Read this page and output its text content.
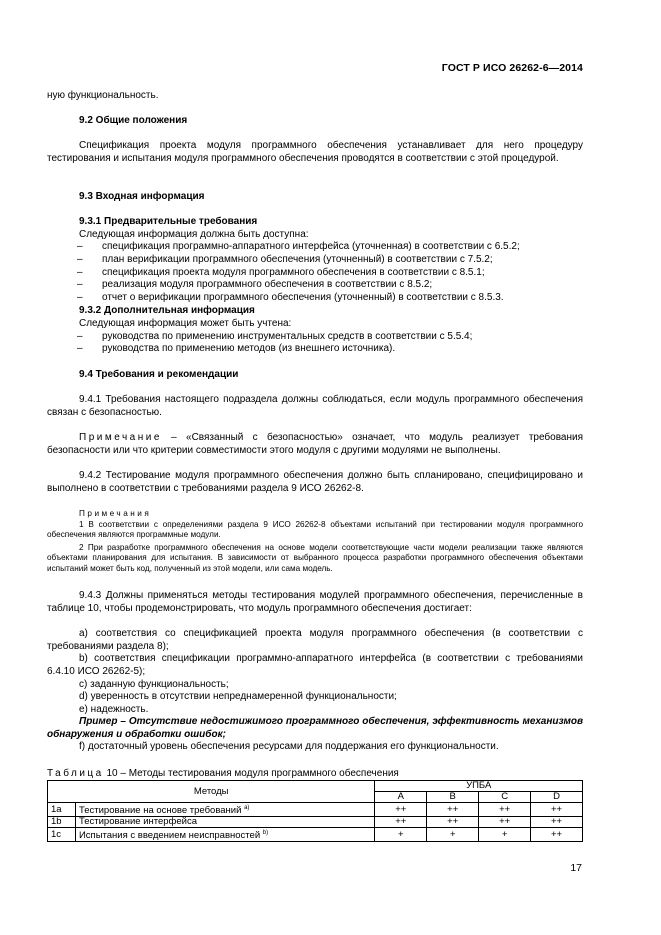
ГОСТ Р ИСО 26262-6—2014
ную функциональность.
9.2 Общие положения
Спецификация проекта модуля программного обеспечения устанавливает для него процедуру тестирования и испытания модуля программного обеспечения проводятся в соответствии с этой процедурой.
9.3 Входная информация
9.3.1 Предварительные требования
Следующая информация должна быть доступна:
– спецификация программно-аппаратного интерфейса (уточненная) в соответствии с 6.5.2;
– план верификации программного обеспечения (уточненный) в соответствии с 7.5.2;
– спецификация проекта модуля программного обеспечения в соответствии с 8.5.1;
– реализация модуля программного обеспечения в соответствии с 8.5.2;
– отчет о верификации программного обеспечения (уточненный) в соответствии с 8.5.3.
9.3.2 Дополнительная информация
Следующая информация может быть учтена:
– руководства по применению инструментальных средств в соответствии с 5.5.4;
– руководства по применению методов (из внешнего источника).
9.4 Требования и рекомендации
9.4.1 Требования настоящего подраздела должны соблюдаться, если модуль программного обеспечения связан с безопасностью.
Примечание – «Связанный с безопасностью» означает, что модуль реализует требования безопасности или что критерии совместимости этого модуля с другими модулями не выполнены.
9.4.2 Тестирование модуля программного обеспечения должно быть спланировано, специфицировано и выполнено в соответствии с требованиями раздела 9 ИСО 26262-8.
Примечания
1 В соответствии с определениями раздела 9 ИСО 26262-8 объектами испытаний при тестировании модуля программного обеспечения являются программные модули.
2 При разработке программного обеспечения на основе модели соответствующие части модели реализации также являются объектами планирования для испытания. В зависимости от выбранного процесса разработки программного обеспечения объектами испытаний может быть код, полученный из этой модели, или сама модель.
9.4.3 Должны применяться методы тестирования модулей программного обеспечения, перечисленные в таблице 10, чтобы продемонстрировать, что модуль программного обеспечения достигает:
a) соответствия со спецификацией проекта модуля программного обеспечения (в соответствии с требованиями раздела 8);
b) соответствия спецификации программно-аппаратного интерфейса (в соответствии с требованиями 6.4.10 ИСО 26262-5);
c) заданную функциональность;
d) уверенность в отсутствии непреднамеренной функциональности;
e) надежность.
Пример – Отсутствие недостижимого программного обеспечения, эффективность механизмов обнаружения и обработки ошибок;
f) достаточный уровень обеспечения ресурсами для поддержания его функциональности.
Таблица 10 – Методы тестирования модуля программного обеспечения
Методы		УПБА			
		A	B	C	D
1a	Тестирование на основе требований $^{a)}$	++	++	++	++
1b	Тестирование интерфейса	++	++	++	++
1c	Испытания с введением неисправностей $^{b)}$	+	+	+	++
17
